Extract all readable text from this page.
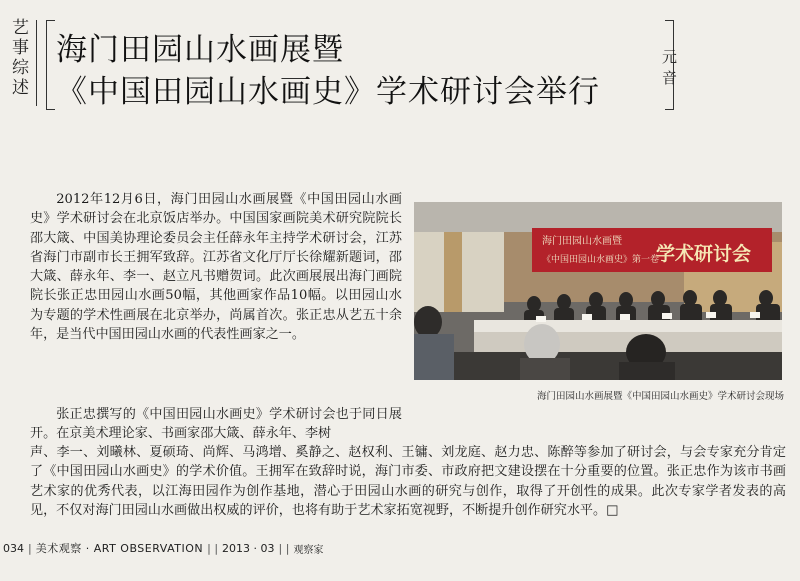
艺事综述 海门田园山水画展暨
《中国田园山水画史》学术研讨会举行
元音

2012年12月6日，海门田园山水画展暨《中国田园山水画史》学术研讨会在北京饭店举办。中国国家画院美术研究院院长邵大箴、中国美协理论委员会主任薛永年主持学术研讨会，江苏省海门市副市长王拥军致辞。江苏省文化厅厅长徐耀新题词，邵大箴、薛永年、李一、赵立凡书赠贺词。此次画展展出海门画院院长张正忠田园山水画50幅，其他画家作品10幅。以田园山水为专题的学术性画展在北京举办，尚属首次。张正忠从艺五十余年，是当代中国田园山水画的代表性画家之一。

张正忠撰写的《中国田园山水画史》学术研讨会也于同日展开。在京美术理论家、书画家邵大箴、薛永年、李树

声、李一、刘曦林、夏硕琦、尚辉、马鸿增、奚静之、赵权利、王镛、刘龙庭、赵力忠、陈醉等参加了研讨会，与会专家充分肯定了《中国田园山水画史》的学术价值。王拥军在致辞时说，海门市委、市政府把文建设摆在十分重要的位置。张正忠作为该市书画艺术家的优秀代表，以江海田园作为创作基地，潜心于田园山水画的研究与创作，取得了开创性的成果。此次专家学者发表的高见，不仅对海门田园山水画做出权威的评价，也将有助于艺术家拓宽视野，不断提升创作研究水平。□

海门田园山水画暨
《中国田园山水画史》第一卷
学术研讨会
海门田园山水画展暨《中国田园山水画史》学术研讨会现场
034 | 美术观察 · ART OBSERVATION | | 2013 · 03 | | 观察家
